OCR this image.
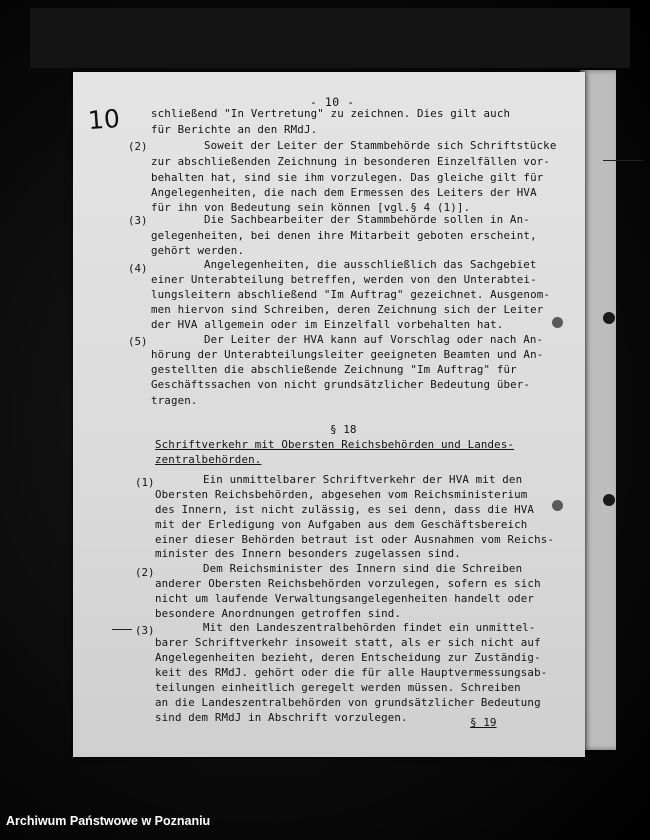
10
- 10 -
schließend "In Vertretung" zu zeichnen. Dies gilt auch
für Berichte an den RMdJ.
(2)	Soweit der Leiter der Stammbehörde sich Schriftstücke
zur abschließenden Zeichnung in besonderen Einzelfällen vor-
behalten hat, sind sie ihm vorzulegen. Das gleiche gilt für
Angelegenheiten, die nach dem Ermessen des Leiters der HVA
für ihn von Bedeutung sein können [vgl.§ 4 (1)].
(3)	Die Sachbearbeiter der Stammbehörde sollen in An-
gelegenheiten, bei denen ihre Mitarbeit geboten erscheint,
gehört werden.
(4)	Angelegenheiten, die ausschließlich das Sachgebiet
einer Unterabteilung betreffen, werden von den Unterabtei-
lungsleitern abschließend "Im Auftrag" gezeichnet. Ausgenom-
men hiervon sind Schreiben, deren Zeichnung sich der Leiter
der HVA allgemein oder im Einzelfall vorbehalten hat.
(5)	Der Leiter der HVA kann auf Vorschlag oder nach An-
hörung der Unterabteilungsleiter geeigneten Beamten und An-
gestellten die abschließende Zeichnung "Im Auftrag" für
Geschäftssachen von nicht grundsätzlicher Bedeutung über-
tragen.
§ 18
Schriftverkehr mit Obersten Reichsbehörden und Landes-
zentralbehörden.
(1)	Ein unmittelbarer Schriftverkehr der HVA mit den
Obersten Reichsbehörden, abgesehen vom Reichsministerium
des Innern, ist nicht zulässig, es sei denn, dass die HVA
mit der Erledigung von Aufgaben aus dem Geschäftsbereich
einer dieser Behörden betraut ist oder Ausnahmen vom Reichs-
minister des Innern besonders zugelassen sind.
(2)	Dem Reichsminister des Innern sind die Schreiben
anderer Obersten Reichsbehörden vorzulegen, sofern es sich
nicht um laufende Verwaltungsangelegenheiten handelt oder
besondere Anordnungen getroffen sind.
(3)	Mit den Landeszentralbehörden findet ein unmittel-
barer Schriftverkehr insoweit statt, als er sich nicht auf
Angelegenheiten bezieht, deren Entscheidung zur Zuständig-
keit des RMdJ. gehört oder die für alle Hauptvermessungsab-
teilungen einheitlich geregelt werden müssen. Schreiben
an die Landeszentralbehörden von grundsätzlicher Bedeutung
sind dem RMdJ in Abschrift vorzulegen.	§ 19
Archiwum Państwowe w Poznaniu
